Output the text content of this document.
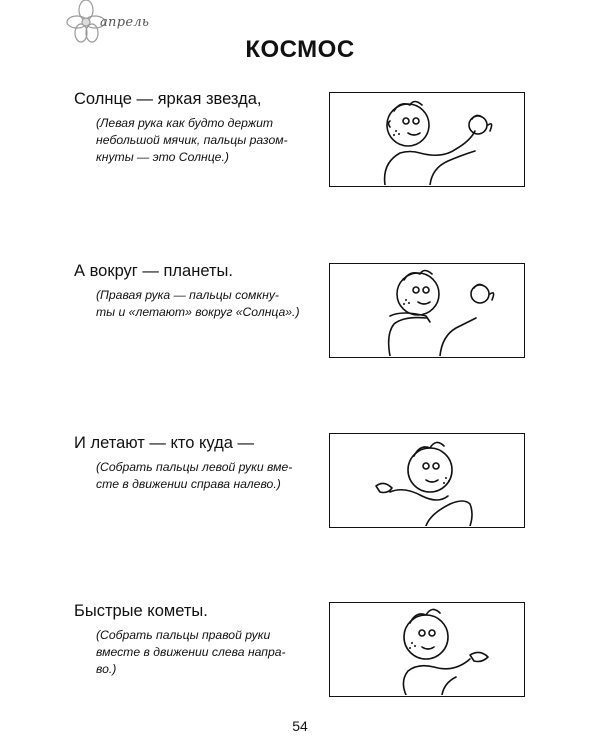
апрель
КОСМОС

Солнце — яркая звезда,

(Левая рука как будто держит
небольшой мячик, пальцы разом-
кнуты — это Солнце.)

А вокруг — планеты.

(Правая рука — пальцы сомкну-
ты и «летают» вокруг «Солнца».)

И летают — кто куда —

(Собрать пальцы левой руки вме-
сте в движении справа налево.)

Быстрые кометы.

(Собрать пальцы правой руки
вместе в движении слева напра-
во.)
54
